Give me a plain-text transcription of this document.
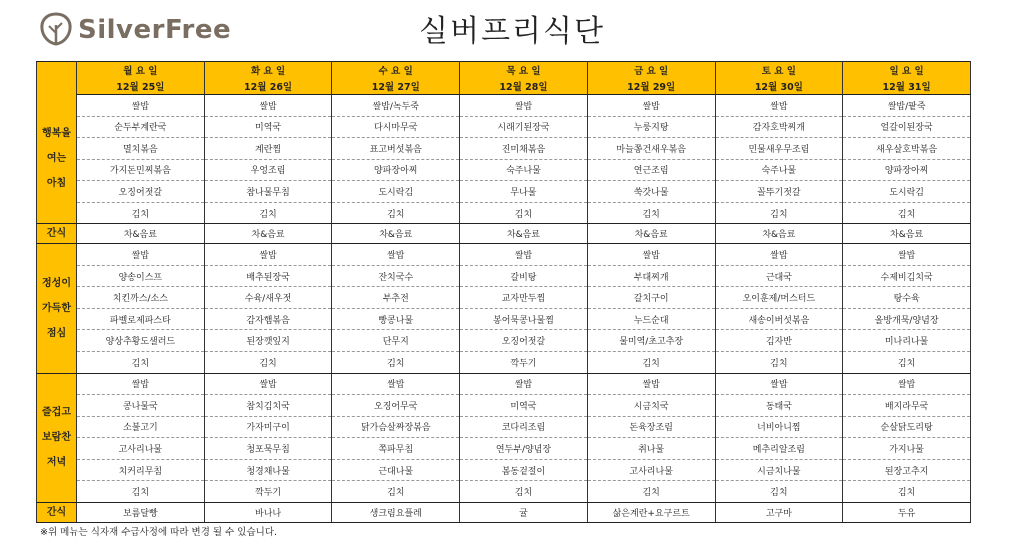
SilverFree	실버프리식단
	월 요 일	화 요 일	수 요 일	목 요 일	금 요 일	토 요 일	일 요 일
	12월 25일	12월 26일	12월 27일	12월 28일	12월 29일	12월 30일	12월 31일

행복을
여는
아침	쌀밥	쌀밥	쌀밥/녹두죽	쌀밥	쌀밥	쌀밥	쌀밥/팥죽
	순두부계란국	미역국	다시마무국	시래기된장국	누룽지탕	감자호박찌개	얼갈이된장국
	멸치볶음	계란찜	표고버섯볶음	진미채볶음	마늘쫑건새우볶음	민물새우무조림	새우살호박볶음
	가지돈민찌볶음	우엉조림	양파장아찌	숙주나물	연근조림	숙주나물	양파장아찌
	오징어젓갈	참나물무침	도시락김	무나물	쑥갓나물	꼴뚜기젓갈	도시락김
	김치	김치	김치	김치	김치	김치	김치

간식	차&음료	차&음료	차&음료	차&음료	차&음료	차&음료	차&음료

정성이
가득한
점심	쌀밥	쌀밥	쌀밥	쌀밥	쌀밥	쌀밥	쌀밥
	양송이스프	배추된장국	잔치국수	갈비탕	부대찌개	근대국	수제비김치국
	치킨까스/소스	수육/새우젓	부추전	교자만두찜	갈치구이	오이훈제/머스터드	탕수육
	파벨로제파스타	감자햄볶음	빵콩나물	봉어묵콩나물찜	누드순대	새송이버섯볶음	올방개묵/양념장
	양상추황도샐러드	된장깻잎지	단무지	오징어젓갈	물미역/초고추장	김자반	미나리나물
	김치	김치	김치	깍두기	김치	김치	김치

즐겁고
보람찬
저녁	쌀밥	쌀밥	쌀밥	쌀밥	쌀밥	쌀밥	쌀밥
	콩나물국	참치김치국	오징어무국	미역국	시금치국	동태국	배지라무국
	소불고기	가자미구이	닭가슴살짜장볶음	코다리조림	돈육장조림	너비아니찜	순살닭도리탕
	고사리나물	청포묵무침	쪽파무침	연두부/양념장	취나물	메추리알조림	가지나물
	치커리무침	청경채나물	근대나물	봄동겉절이	고사리나물	시금치나물	된장고추지
	김치	깍두기	김치	김치	김치	김치	김치

간식	보름달빵	바나나	생크림요플레	귤	삶은계란+요구르트	고구마	두유
※위 메뉴는 식자재 수급사정에 따라 변경 될 수 있습니다.
